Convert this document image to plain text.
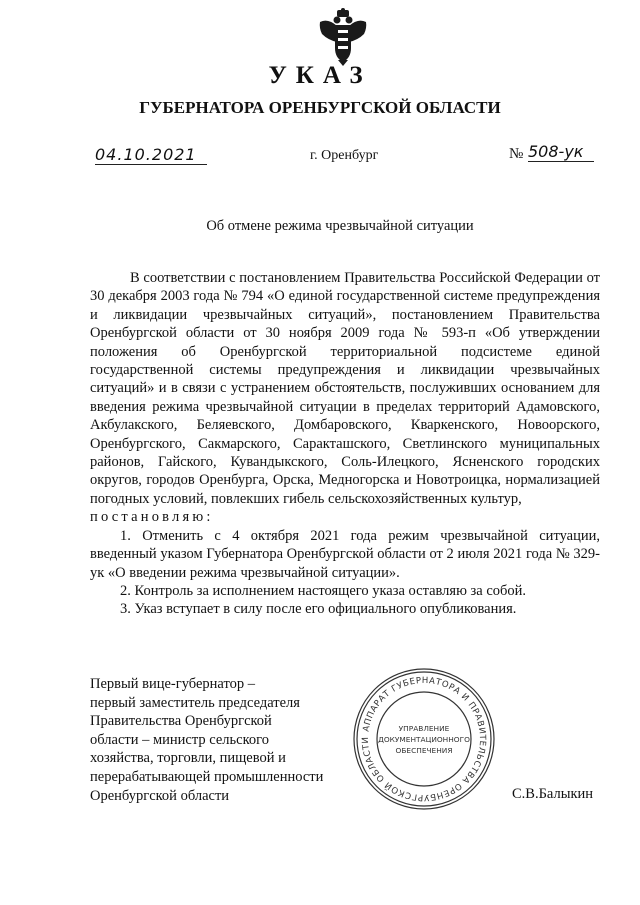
УКАЗ
ГУБЕРНАТОРА ОРЕНБУРГСКОЙ ОБЛАСТИ
04.10.2021	г. Оренбург	№ 508-ук
Об отмене режима чрезвычайной ситуации

В соответствии с постановлением Правительства Российской Федерации от 30 декабря 2003 года № 794 «О единой государственной системе предупреждения и ликвидации чрезвычайных ситуаций», постановлением Правительства Оренбургской области от 30 ноября 2009 года № 593-п «Об утверждении положения об Оренбургской территориальной подсистеме единой государственной системы предупреждения и ликвидации чрезвычайных ситуаций» и в связи с устранением обстоятельств, послуживших основанием для введения режима чрезвычайной ситуации в пределах территорий Адамовского, Акбулакского, Беляевского, Домбаровского, Кваркенского, Новоорского, Оренбургского, Сакмарского, Саракташского, Светлинского муниципальных районов, Гайского, Кувандыкского, Соль-Илецкого, Ясненского городских округов, городов Оренбурга, Орска, Медногорска и Новотроицка, нормализацией погодных условий, повлекших гибель сельскохозяйственных культур,

постановляю:

1. Отменить с 4 октября 2021 года режим чрезвычайной ситуации, введенный указом Губернатора Оренбургской области от 2 июля 2021 года № 329-ук «О введении режима чрезвычайной ситуации».

2. Контроль за исполнением настоящего указа оставляю за собой.

3. Указ вступает в силу после его официального опубликования.

Первый вице-губернатор –
первый заместитель председателя
Правительства Оренбургской
области – министр сельского
хозяйства, торговли, пищевой и
перерабатывающей промышленности
Оренбургской области	С.В.Балыкин
АППАРАТ ГУБЕРНАТОРА И ПРАВИТЕЛЬСТВА ОРЕНБУРГСКОЙ ОБЛАСТИ
УПРАВЛЕНИЕ
ДОКУМЕНТАЦИОННОГО
ОБЕСПЕЧЕНИЯ
